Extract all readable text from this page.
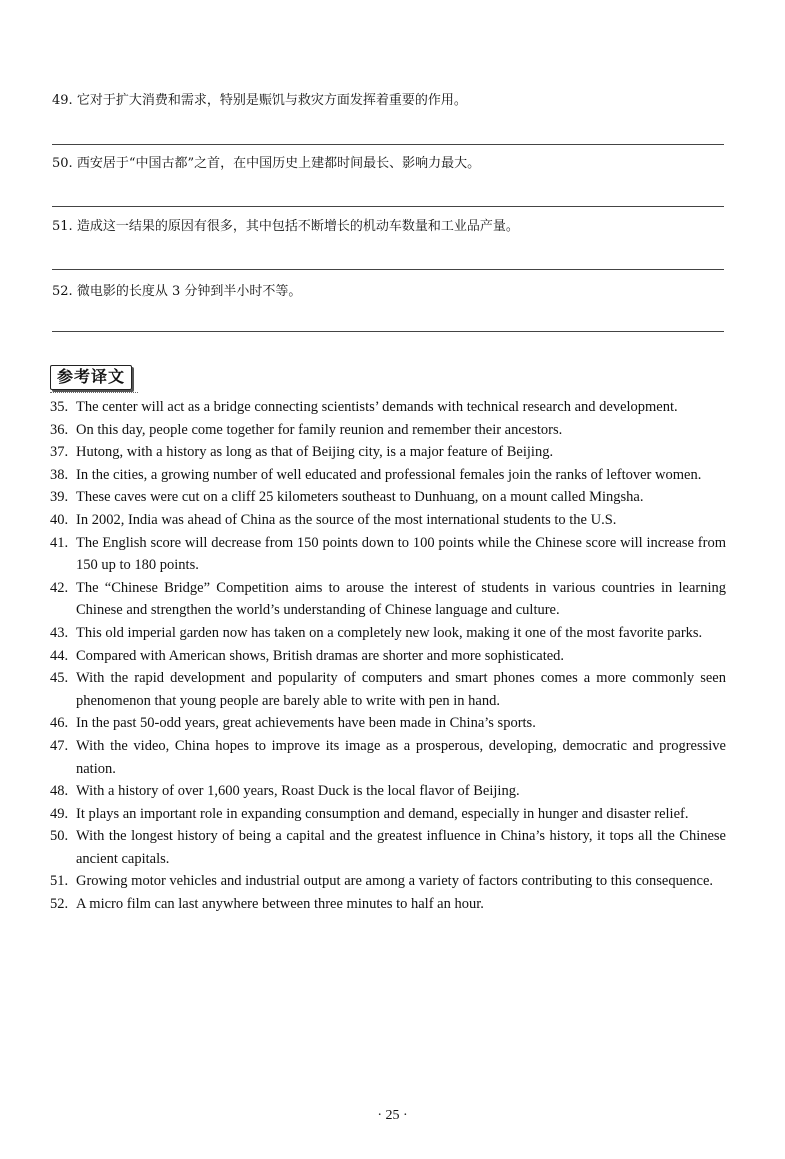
49. 它对于扩大消费和需求，特别是赈饥与救灾方面发挥着重要的作用。
50. 西安居于“中国古都”之首，在中国历史上建都时间最长、影响力最大。
51. 造成这一结果的原因有很多，其中包括不断增长的机动车数量和工业品产量。
52. 微电影的长度从 3 分钟到半小时不等。
参考译文
35. The center will act as a bridge connecting scientists’ demands with technical research and development.
36. On this day, people come together for family reunion and remember their ancestors.
37. Hutong, with a history as long as that of Beijing city, is a major feature of Beijing.
38. In the cities, a growing number of well educated and professional females join the ranks of leftover women.
39. These caves were cut on a cliff 25 kilometers southeast to Dunhuang, on a mount called Mingsha.
40. In 2002, India was ahead of China as the source of the most international students to the U.S.
41. The English score will decrease from 150 points down to 100 points while the Chinese score will increase from 150 up to 180 points.
42. The “Chinese Bridge” Competition aims to arouse the interest of students in various countries in learning Chinese and strengthen the world’s understanding of Chinese language and culture.
43. This old imperial garden now has taken on a completely new look, making it one of the most favorite parks.
44. Compared with American shows, British dramas are shorter and more sophisticated.
45. With the rapid development and popularity of computers and smart phones comes a more commonly seen phenomenon that young people are barely able to write with pen in hand.
46. In the past 50-odd years, great achievements have been made in China’s sports.
47. With the video, China hopes to improve its image as a prosperous, developing, democratic and progressive nation.
48. With a history of over 1,600 years, Roast Duck is the local flavor of Beijing.
49. It plays an important role in expanding consumption and demand, especially in hunger and disaster relief.
50. With the longest history of being a capital and the greatest influence in China’s history, it tops all the Chinese ancient capitals.
51. Growing motor vehicles and industrial output are among a variety of factors contributing to this consequence.
52. A micro film can last anywhere between three minutes to half an hour.
· 25 ·
